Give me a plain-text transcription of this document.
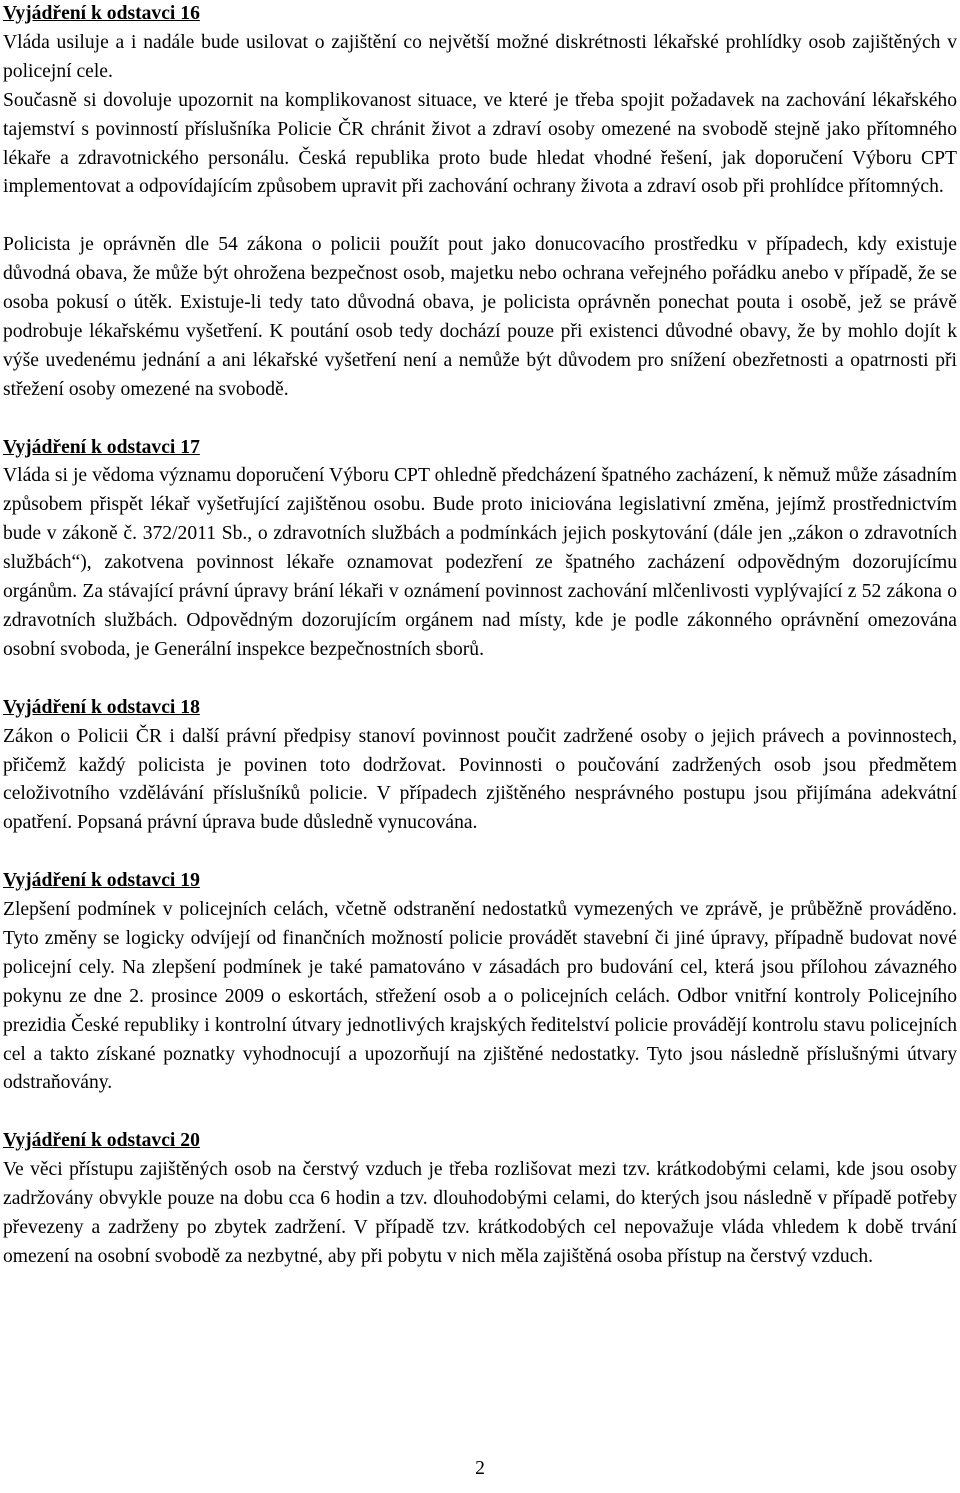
Vyjádření k odstavci 16

Vláda usiluje a i nadále bude usilovat o zajištění co největší možné diskrétnosti lékařské prohlídky osob zajištěných v policejní cele.

Současně si dovoluje upozornit na komplikovanost situace, ve které je třeba spojit požadavek na zachování lékařského tajemství s povinností příslušníka Policie ČR chránit život a zdraví osoby omezené na svobodě stejně jako přítomného lékaře a zdravotnického personálu. Česká republika proto bude hledat vhodné řešení, jak doporučení Výboru CPT implementovat a odpovídajícím způsobem upravit při zachování ochrany života a zdraví osob při prohlídce přítomných.

Policista je oprávněn dle 54 zákona o policii použít pout jako donucovacího prostředku v případech, kdy existuje důvodná obava, že může být ohrožena bezpečnost osob, majetku nebo ochrana veřejného pořádku anebo v případě, že se osoba pokusí o útěk. Existuje-li tedy tato důvodná obava, je policista oprávněn ponechat pouta i osobě, jež se právě podrobuje lékařskému vyšetření. K poutání osob tedy dochází pouze při existenci důvodné obavy, že by mohlo dojít k výše uvedenému jednání a ani lékařské vyšetření není a nemůže být důvodem pro snížení obezřetnosti a opatrnosti při střežení osoby omezené na svobodě.

Vyjádření k odstavci 17

Vláda si je vědoma významu doporučení Výboru CPT ohledně předcházení špatného zacházení, k němuž může zásadním způsobem přispět lékař vyšetřující zajištěnou osobu. Bude proto iniciována legislativní změna, jejímž prostřednictvím bude v zákoně č. 372/2011 Sb., o zdravotních službách a podmínkách jejich poskytování (dále jen „zákon o zdravotních službách“), zakotvena povinnost lékaře oznamovat podezření ze špatného zacházení odpovědným dozorujícímu orgánům. Za stávající právní úpravy brání lékaři v oznámení povinnost zachování mlčenlivosti vyplývající z 52 zákona o zdravotních službách. Odpovědným dozorujícím orgánem nad místy, kde je podle zákonného oprávnění omezována osobní svoboda, je Generální inspekce bezpečnostních sborů.

Vyjádření k odstavci 18

Zákon o Policii ČR i další právní předpisy stanoví povinnost poučit zadržené osoby o jejich právech a povinnostech, přičemž každý policista je povinen toto dodržovat. Povinnosti o poučování zadržených osob jsou předmětem celoživotního vzdělávání příslušníků policie. V případech zjištěného nesprávného postupu jsou přijímána adekvátní opatření. Popsaná právní úprava bude důsledně vynucována.

Vyjádření k odstavci 19

Zlepšení podmínek v policejních celách, včetně odstranění nedostatků vymezených ve zprávě, je průběžně prováděno. Tyto změny se logicky odvíjejí od finančních možností policie provádět stavební či jiné úpravy, případně budovat nové policejní cely. Na zlepšení podmínek je také pamatováno v zásadách pro budování cel, která jsou přílohou závazného pokynu ze dne 2. prosince 2009 o eskortách, střežení osob a o policejních celách. Odbor vnitřní kontroly Policejního prezidia České republiky i kontrolní útvary jednotlivých krajských ředitelství policie provádějí kontrolu stavu policejních cel a takto získané poznatky vyhodnocují a upozorňují na zjištěné nedostatky. Tyto jsou následně příslušnými útvary odstraňovány.

Vyjádření k odstavci 20

Ve věci přístupu zajištěných osob na čerstvý vzduch je třeba rozlišovat mezi tzv. krátkodobými celami, kde jsou osoby zadržovány obvykle pouze na dobu cca 6 hodin a tzv. dlouhodobými celami, do kterých jsou následně v případě potřeby převezeny a zadrženy po zbytek zadržení. V případě tzv. krátkodobých cel nepovažuje vláda vhledem k době trvání omezení na osobní svobodě za nezbytné, aby při pobytu v nich měla zajištěná osoba přístup na čerstvý vzduch.

2
